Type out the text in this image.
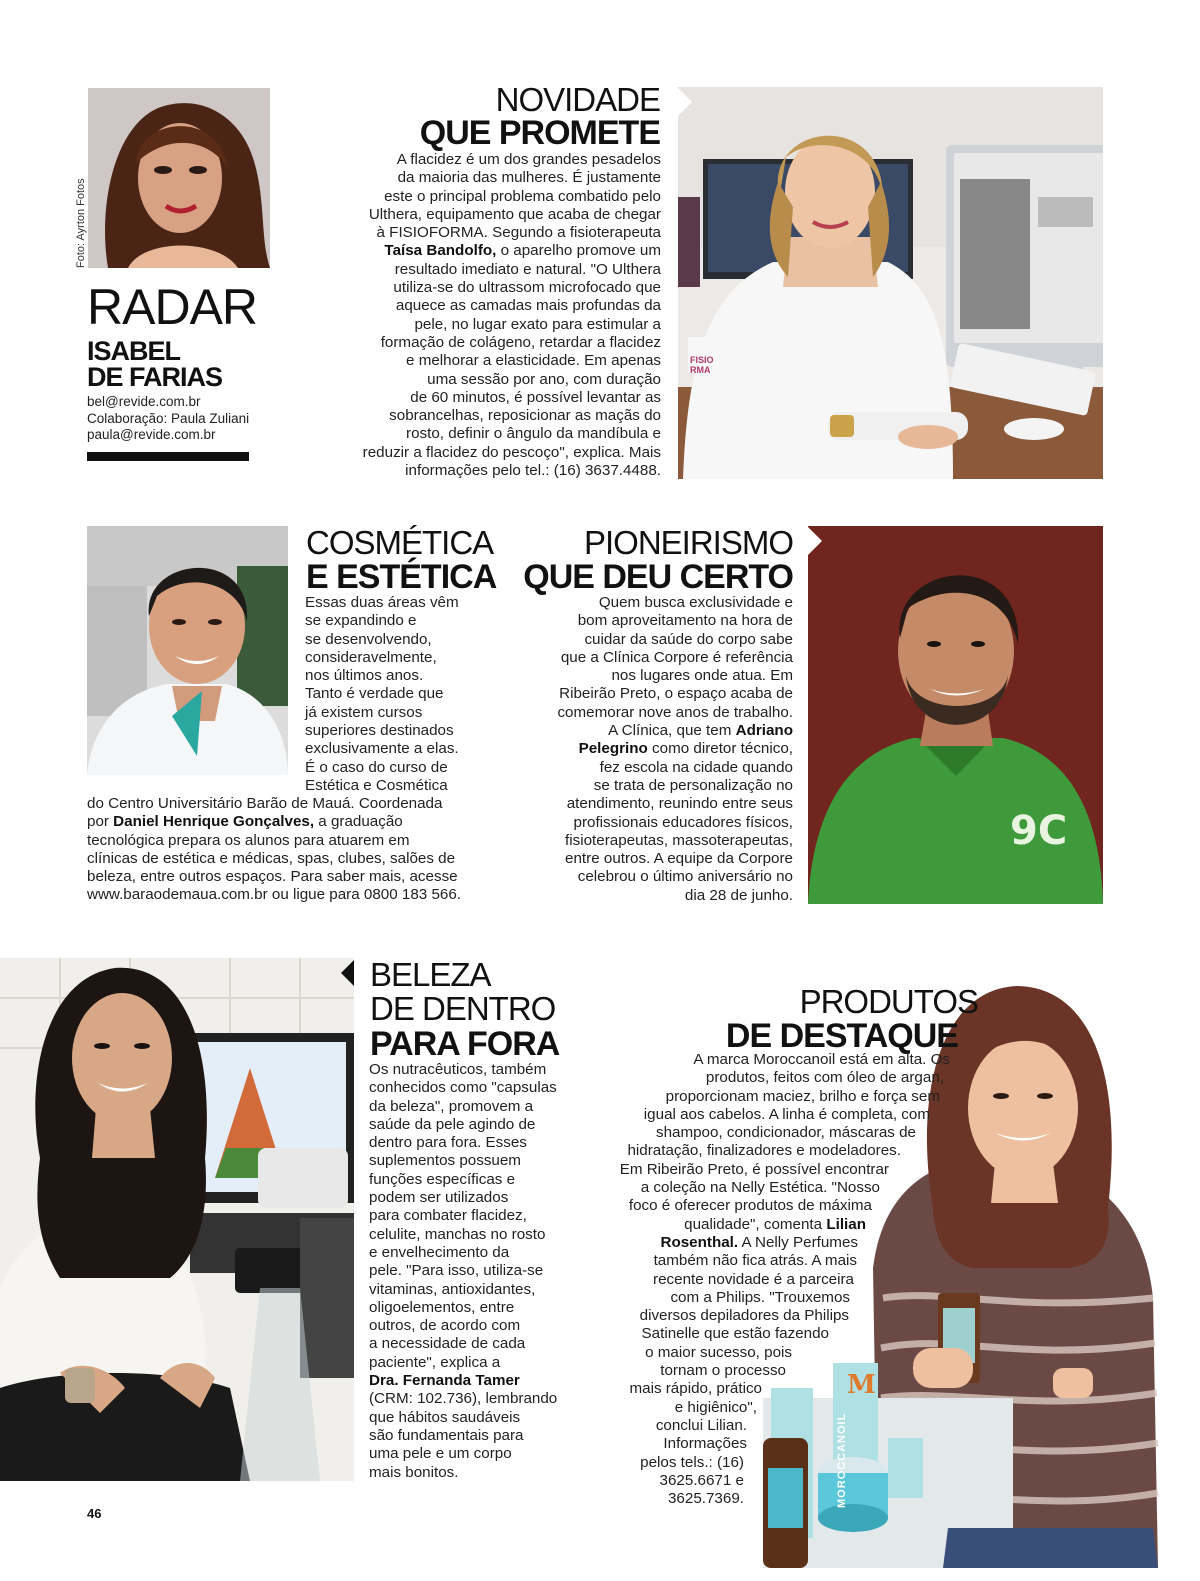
Foto: Ayrton Fotos
RADAR
ISABEL
DE FARIAS
bel@revide.com.br
Colaboração: Paula Zuliani
paula@revide.com.br
NOVIDADE
QUE PROMETE
A flacidez é um dos grandes pesadelos
da maioria das mulheres. É justamente
este o principal problema combatido pelo
Ulthera, equipamento que acaba de chegar
à FISIOFORMA. Segundo a fisioterapeuta
Taísa Bandolfo, o aparelho promove um
resultado imediato e natural. "O Ulthera
utiliza-se do ultrassom microfocado que
aquece as camadas mais profundas da
pele, no lugar exato para estimular a
formação de colágeno, retardar a flacidez
e melhorar a elasticidade. Em apenas
uma sessão por ano, com duração
de 60 minutos, é possível levantar as
sobrancelhas, reposicionar as maçãs do
rosto, definir o ângulo da mandíbula e
reduzir a flacidez do pescoço", explica. Mais
informações pelo tel.: (16) 3637.4488.
FISIO RMA
COSMÉTICA
E ESTÉTICA
Essas duas áreas vêm
se expandindo e
se desenvolvendo,
consideravelmente,
nos últimos anos.
Tanto é verdade que
já existem cursos
superiores destinados
exclusivamente a elas.
É o caso do curso de
Estética e Cosmética
do Centro Universitário Barão de Mauá. Coordenada
por Daniel Henrique Gonçalves, a graduação
tecnológica prepara os alunos para atuarem em
clínicas de estética e médicas, spas, clubes, salões de
beleza, entre outros espaços. Para saber mais, acesse
www.baraodemaua.com.br ou ligue para 0800 183 566.
PIONEIRISMO
QUE DEU CERTO
Quem busca exclusividade e
bom aproveitamento na hora de
cuidar da saúde do corpo sabe
que a Clínica Corpore é referência
nos lugares onde atua. Em
Ribeirão Preto, o espaço acaba de
comemorar nove anos de trabalho.
A Clínica, que tem Adriano
Pelegrino como diretor técnico,
fez escola na cidade quando
se trata de personalização no
atendimento, reunindo entre seus
profissionais educadores físicos,
fisioterapeutas, massoterapeutas,
entre outros. A equipe da Corpore
celebrou o último aniversário no
dia 28 de junho.
9C
BELEZA
DE DENTRO
PARA FORA
Os nutracêuticos, também
conhecidos como "capsulas
da beleza", promovem a
saúde da pele agindo de
dentro para fora. Esses
suplementos possuem
funções específicas e
podem ser utilizados
para combater flacidez,
celulite, manchas no rosto
e envelhecimento da
pele. "Para isso, utiliza-se
vitaminas, antioxidantes,
oligoelementos, entre
outros, de acordo com
a necessidade de cada
paciente", explica a
Dra. Fernanda Tamer
(CRM: 102.736), lembrando
que hábitos saudáveis
são fundamentais para
uma pele e um corpo
mais bonitos.
M
MOROCCANOIL
PRODUTOS
DE DESTAQUE
A marca Moroccanoil está em alta. Os
produtos, feitos com óleo de argan,
proporcionam maciez, brilho e força sem
igual aos cabelos. A linha é completa, com
shampoo, condicionador, máscaras de
hidratação, finalizadores e modeladores.
Em Ribeirão Preto, é possível encontrar
a coleção na Nelly Estética. "Nosso
foco é oferecer produtos de máxima
qualidade", comenta Lilian
Rosenthal. A Nelly Perfumes
também não fica atrás. A mais
recente novidade é a parceira
com a Philips. "Trouxemos
diversos depiladores da Philips
Satinelle que estão fazendo
o maior sucesso, pois
tornam o processo
mais rápido, prático
e higiênico",
conclui Lilian.
Informações
pelos tels.: (16)
3625.6671 e
3625.7369.
46
